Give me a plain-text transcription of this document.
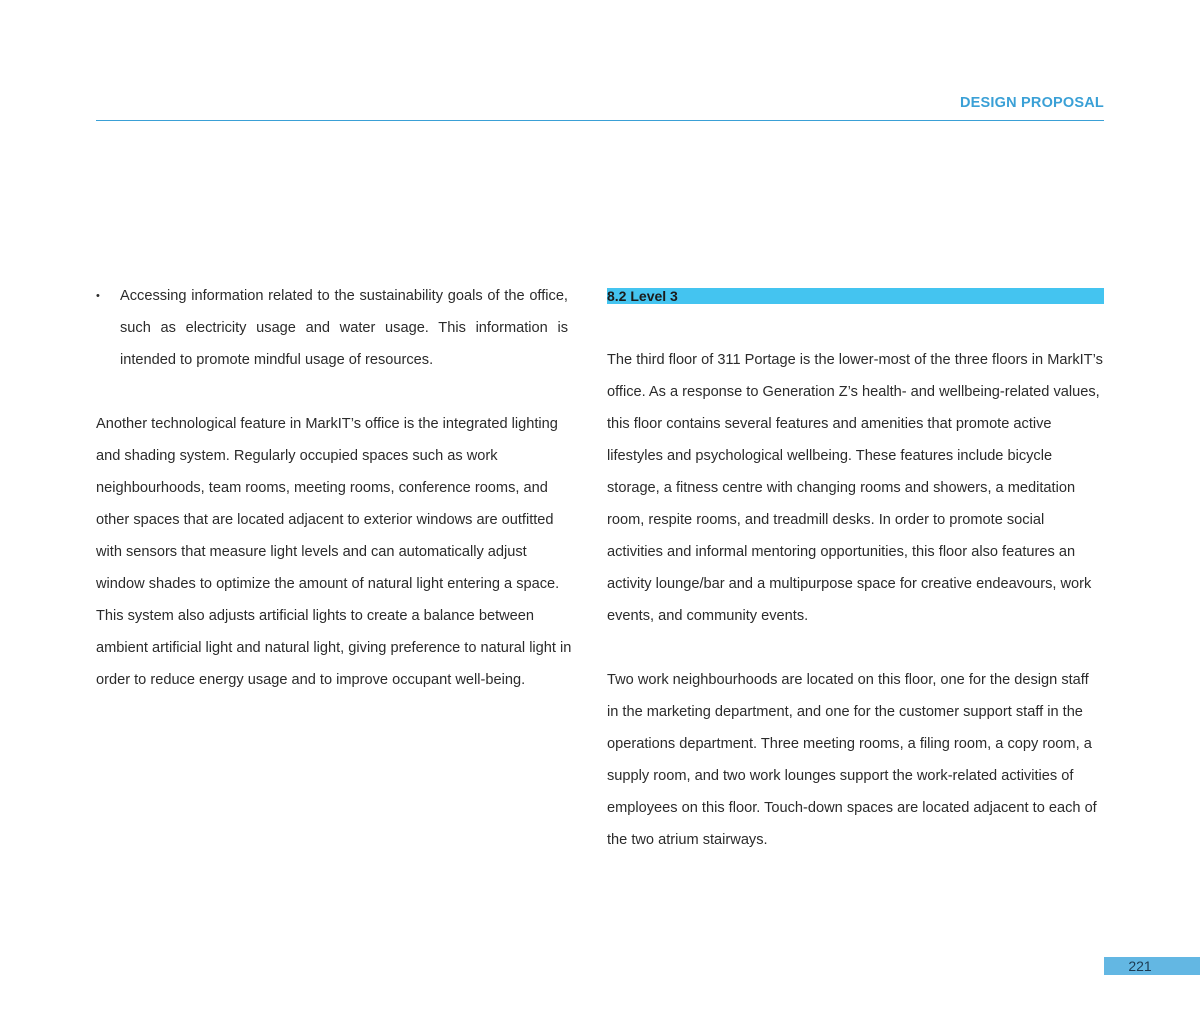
DESIGN PROPOSAL
• Accessing information related to the sustainability goals of the office, such as electricity usage and water usage. This information is intended to promote mindful usage of resources.

Another technological feature in MarkIT’s office is the integrated lighting and shading system. Regularly occupied spaces such as work neighbourhoods, team rooms, meeting rooms, conference rooms, and other spaces that are located adjacent to exterior windows are outfitted with sensors that measure light levels and can automatically adjust window shades to optimize the amount of natural light entering a space. This system also adjusts artificial lights to create a balance between ambient artificial light and natural light, giving preference to natural light in order to reduce energy usage and to improve occupant well-being.

8.2 Level 3

The third floor of 311 Portage is the lower-most of the three floors in MarkIT’s office. As a response to Generation Z’s health- and wellbeing-related values, this floor contains several features and amenities that promote active lifestyles and psychological wellbeing. These features include bicycle storage, a fitness centre with changing rooms and showers, a meditation room, respite rooms, and treadmill desks. In order to promote social activities and informal mentoring opportunities, this floor also features an activity lounge/bar and a multipurpose space for creative endeavours, work events, and community events.

Two work neighbourhoods are located on this floor, one for the design staff in the marketing department, and one for the customer support staff in the operations department. Three meeting rooms, a filing room, a copy room, a supply room, and two work lounges support the work-related activities of employees on this floor. Touch-down spaces are located adjacent to each of the two atrium stairways.

221
